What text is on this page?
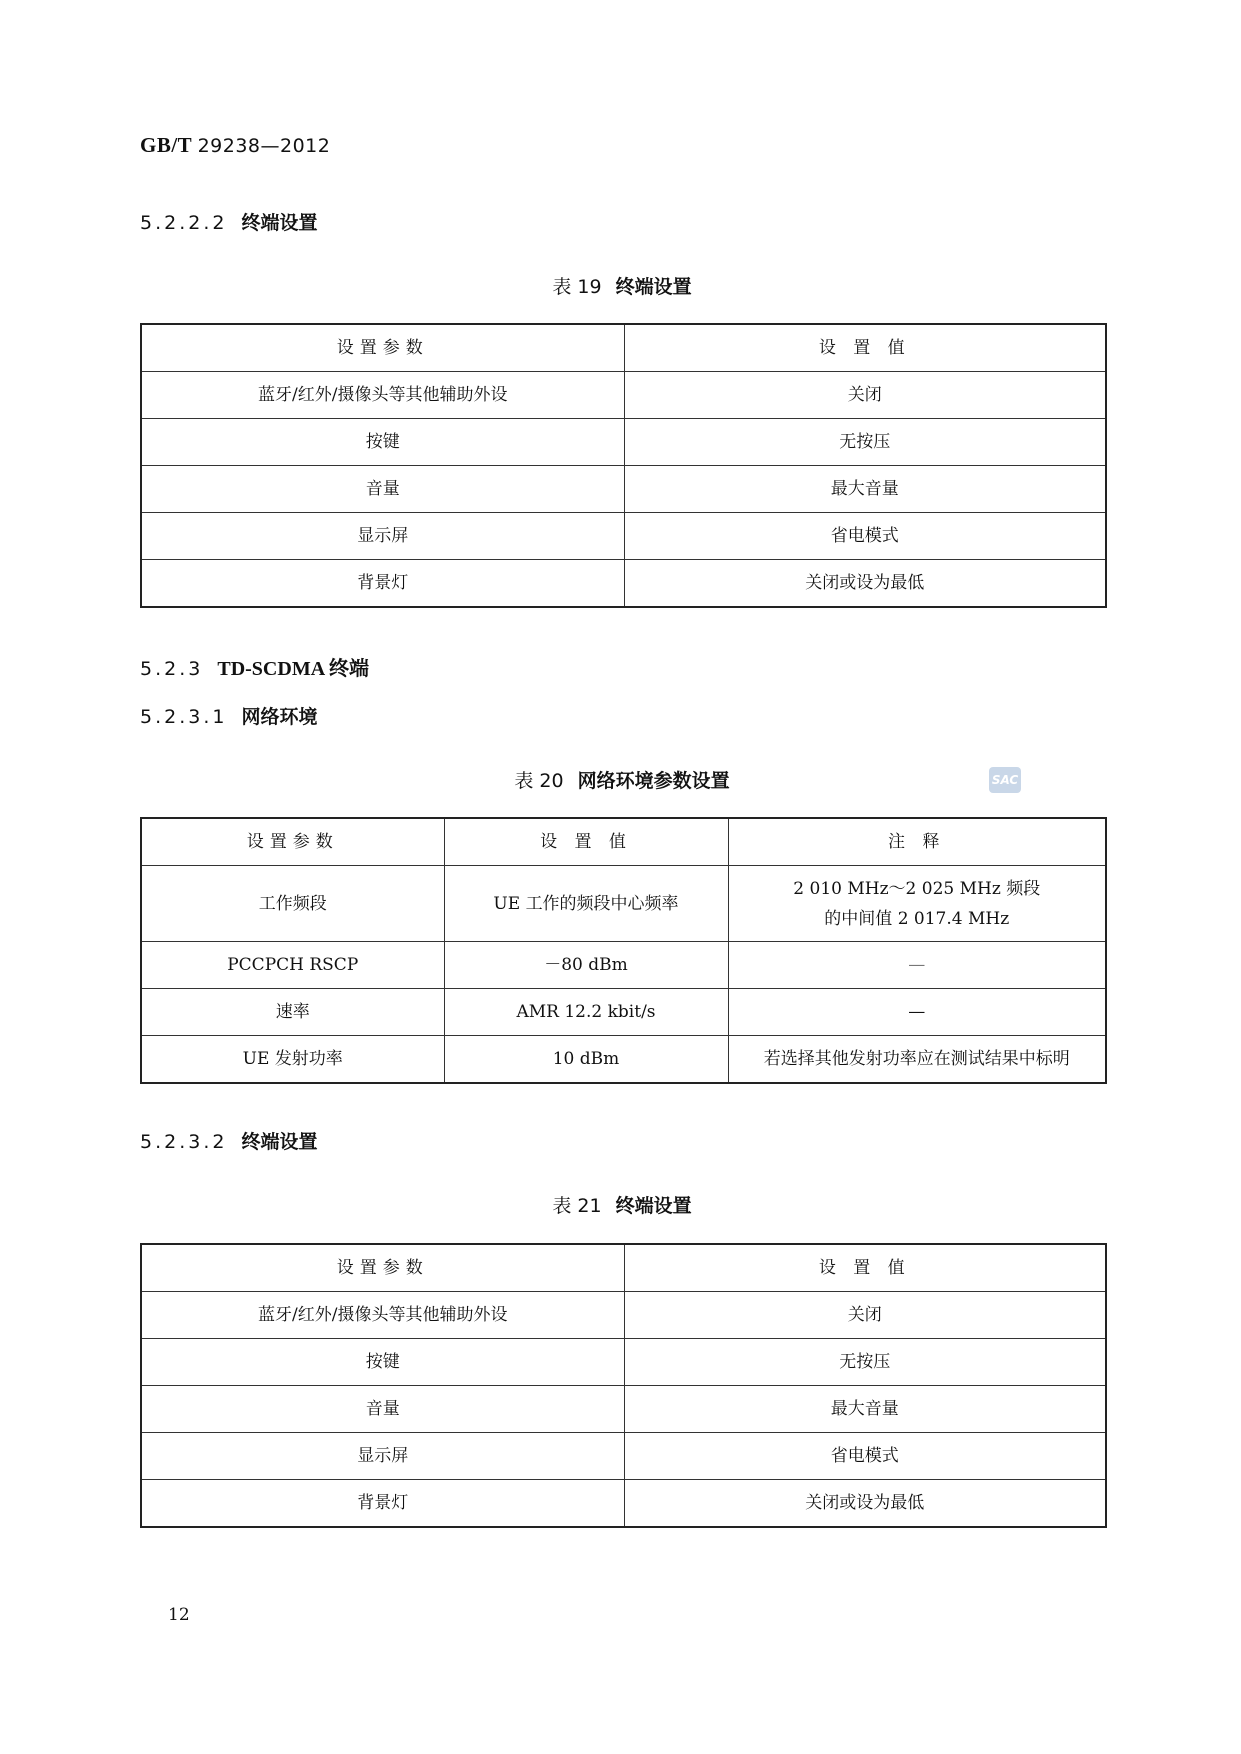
GB/T 29238—2012
5.2.2.2 终端设置
表 19 终端设置
设置参数	设 置 值
蓝牙/红外/摄像头等其他辅助外设	关闭
按键	无按压
音量	最大音量
显示屏	省电模式
背景灯	关闭或设为最低
5.2.3 TD-SCDMA 终端
5.2.3.1 网络环境
表 20 网络环境参数设置	SAC
设置参数	设 置 值	注 释
工作频段	UE 工作的频段中心频率	2 010 MHz～2 025 MHz 频段
的中间值 2 017.4 MHz

PCCPCH RSCP	－80 dBm	—
速率	AMR 12.2 kbit/s	—
UE 发射功率	10 dBm	若选择其他发射功率应在测试结果中标明
5.2.3.2 终端设置
表 21 终端设置
设置参数	设 置 值
蓝牙/红外/摄像头等其他辅助外设	关闭
按键	无按压
音量	最大音量
显示屏	省电模式
背景灯	关闭或设为最低
12
